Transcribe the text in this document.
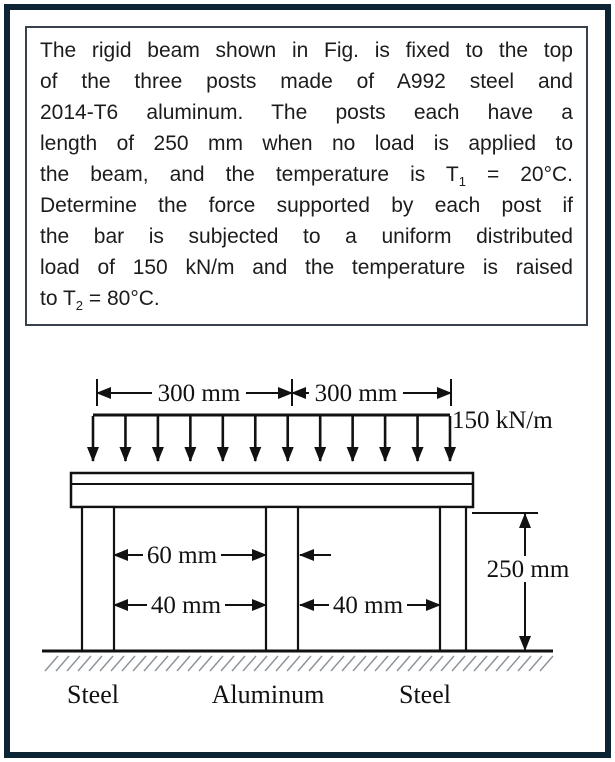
The rigid beam shown in Fig. is fixed to the top
of the three posts made of A992 steel and
2014-T6 aluminum. The posts each have a
length of 250 mm when no load is applied to
the beam, and the temperature is $T_1 = 20^\circ C$.
Determine the force supported by each post if
the bar is subjected to a uniform distributed
load of 150 kN/m and the temperature is raised
to $T_2 = 80^\circ C$.
300 mm	300 mm
150 kN/m
60 mm
40 mm	40 mm
250 mm
Steel	Aluminum	Steel
